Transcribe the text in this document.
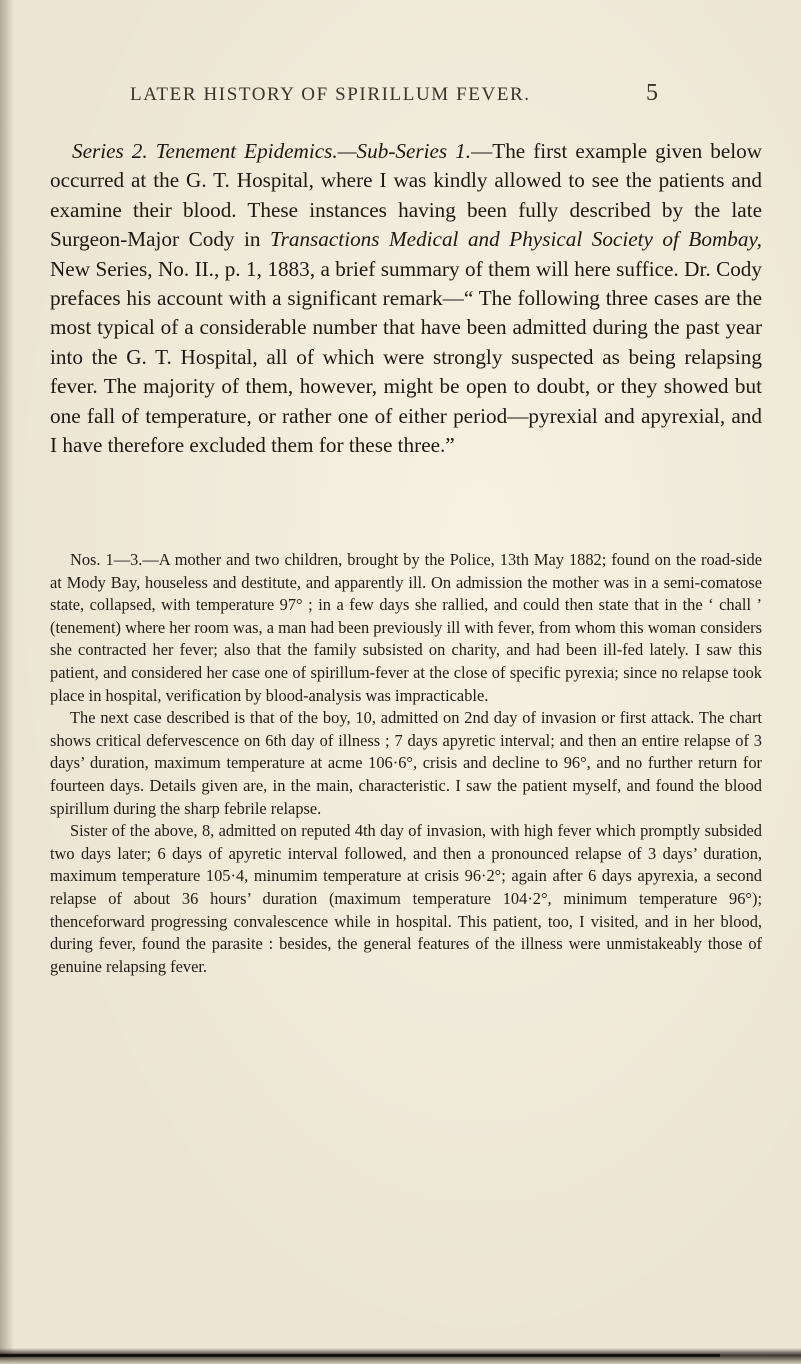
LATER HISTORY OF SPIRILLUM FEVER.	5

Series 2. Tenement Epidemics.—Sub-Series 1.—The first example given below occurred at the G. T. Hospital, where I was kindly allowed to see the patients and examine their blood. These instances having been fully described by the late Surgeon-Major Cody in Transactions Medical and Physical Society of Bombay, New Series, No. II., p. 1, 1883, a brief summary of them will here suffice. Dr. Cody prefaces his account with a significant remark—“ The following three cases are the most typical of a considerable number that have been admitted during the past year into the G. T. Hospital, all of which were strongly suspected as being relapsing fever. The majority of them, however, might be open to doubt, or they showed but one fall of temperature, or rather one of either period—pyrexial and apyrexial, and I have therefore excluded them for these three.”

Nos. 1—3.—A mother and two children, brought by the Police, 13th May 1882; found on the road-side at Mody Bay, houseless and destitute, and apparently ill. On admission the mother was in a semi-comatose state, collapsed, with temperature 97° ; in a few days she rallied, and could then state that in the ‘ chall ’ (tenement) where her room was, a man had been previously ill with fever, from whom this woman considers she contracted her fever; also that the family subsisted on charity, and had been ill-fed lately. I saw this patient, and considered her case one of spirillum-fever at the close of specific pyrexia; since no relapse took place in hospital, verification by blood-analysis was impracticable.

The next case described is that of the boy, 10, admitted on 2nd day of invasion or first attack. The chart shows critical defervescence on 6th day of illness ; 7 days apyretic interval; and then an entire relapse of 3 days’ duration, maximum temperature at acme 106·6°, crisis and decline to 96°, and no further return for fourteen days. Details given are, in the main, characteristic. I saw the patient myself, and found the blood spirillum during the sharp febrile relapse.

Sister of the above, 8, admitted on reputed 4th day of invasion, with high fever which promptly subsided two days later; 6 days of apyretic interval followed, and then a pronounced relapse of 3 days’ duration, maximum temperature 105·4, minumim temperature at crisis 96·2°; again after 6 days apyrexia, a second relapse of about 36 hours’ duration (maximum temperature 104·2°, minimum temperature 96°); thenceforward progressing convalescence while in hospital. This patient, too, I visited, and in her blood, during fever, found the parasite : besides, the general features of the illness were unmistakeably those of genuine relapsing fever.
